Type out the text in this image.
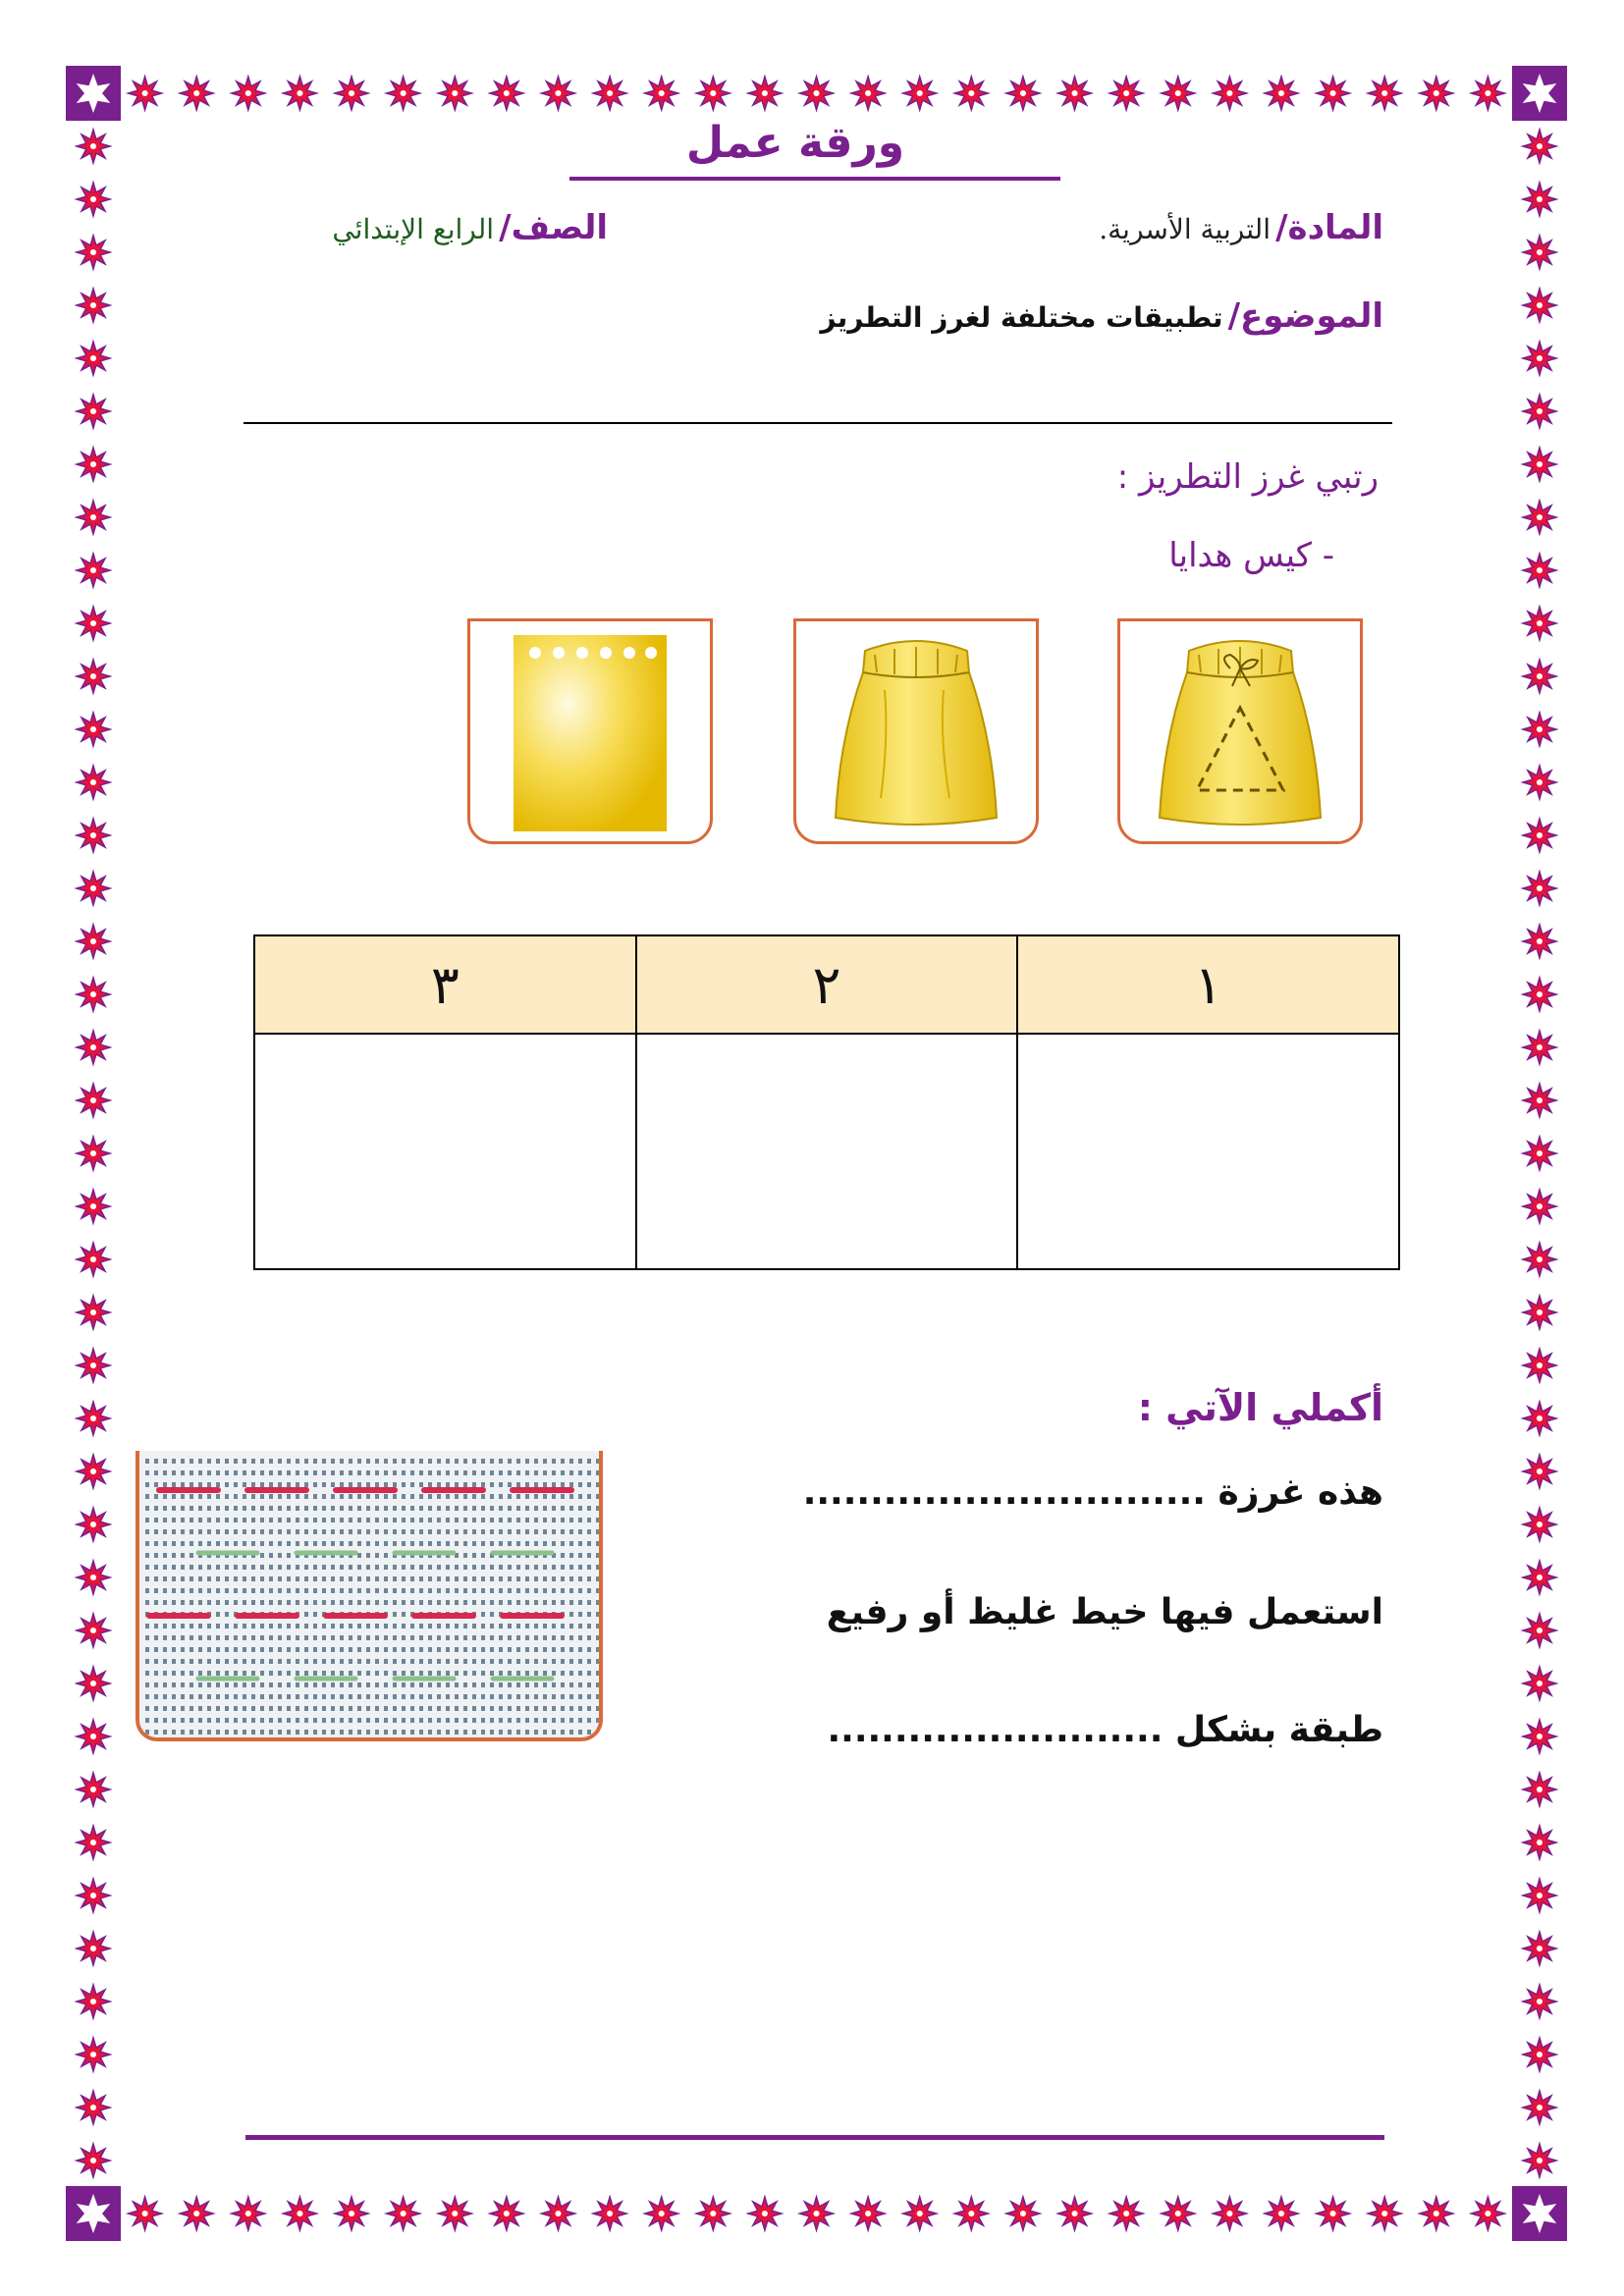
ورقة عمل
المادة/ التربية الأسرية.
الصف/ الرابع الإبتدائي
الموضوع/ تطبيقات مختلفة لغرز التطريز
رتبي غرز التطريز :
- كيس هدايا
١	٢	٣

أكملي الآتي :
هذه غرزة ..............................
استعمل فيها خيط غليظ أو رفيع
طبقة بشكل .........................
